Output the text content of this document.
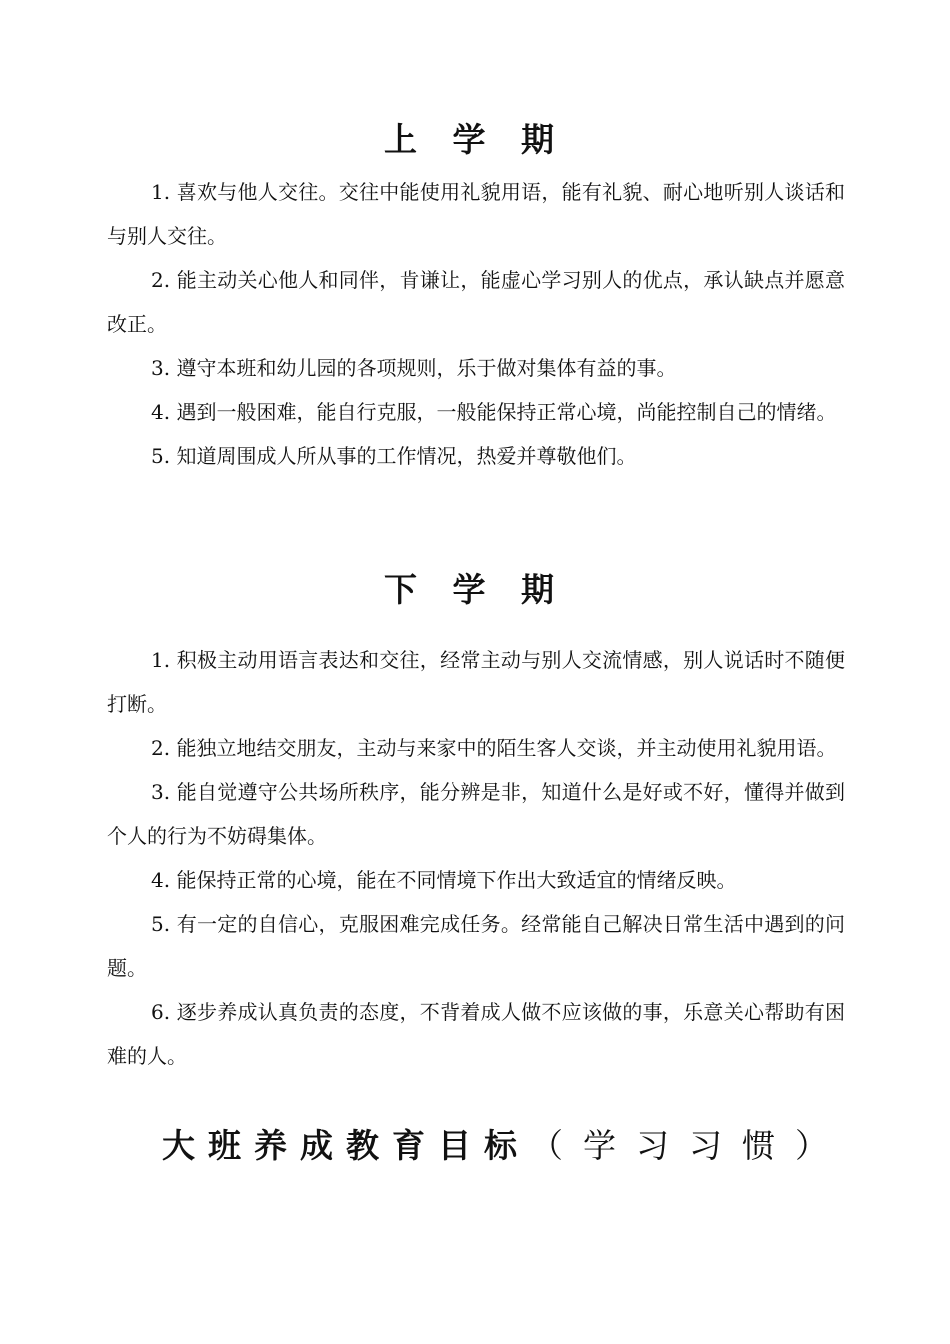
上 学 期
1. 喜欢与他人交往。交往中能使用礼貌用语，能有礼貌、耐心地听别人谈话和与别人交往。
2. 能主动关心他人和同伴，肯谦让，能虚心学习别人的优点，承认缺点并愿意改正。
3. 遵守本班和幼儿园的各项规则，乐于做对集体有益的事。
4. 遇到一般困难，能自行克服，一般能保持正常心境，尚能控制自己的情绪。
5. 知道周围成人所从事的工作情况，热爱并尊敬他们。
下 学 期
1. 积极主动用语言表达和交往，经常主动与别人交流情感，别人说话时不随便打断。
2. 能独立地结交朋友，主动与来家中的陌生客人交谈，并主动使用礼貌用语。
3. 能自觉遵守公共场所秩序，能分辨是非，知道什么是好或不好，懂得并做到个人的行为不妨碍集体。
4. 能保持正常的心境，能在不同情境下作出大致适宜的情绪反映。
5. 有一定的自信心，克服困难完成任务。经常能自己解决日常生活中遇到的问题。
6. 逐步养成认真负责的态度，不背着成人做不应该做的事，乐意关心帮助有困难的人。
大班养成教育目标（学习习惯）
